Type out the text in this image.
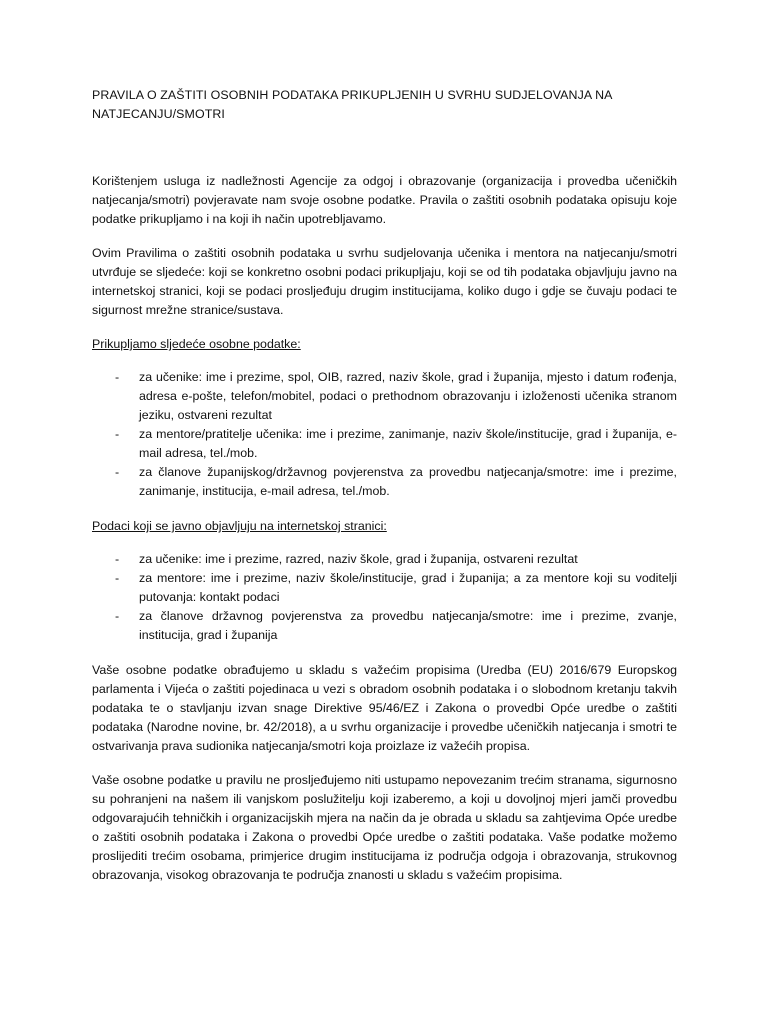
PRAVILA O ZAŠTITI OSOBNIH PODATAKA PRIKUPLJENIH U SVRHU SUDJELOVANJA NA NATJECANJU/SMOTRI

Korištenjem usluga iz nadležnosti Agencije za odgoj i obrazovanje (organizacija i provedba učeničkih natjecanja/smotri) povjeravate nam svoje osobne podatke. Pravila o zaštiti osobnih podataka opisuju koje podatke prikupljamo i na koji ih način upotrebljavamo.

Ovim Pravilima o zaštiti osobnih podataka u svrhu sudjelovanja učenika i mentora na natjecanju/smotri utvrđuje se sljedeće: koji se konkretno osobni podaci prikupljaju, koji se od tih podataka objavljuju javno na internetskoj stranici, koji se podaci prosljeđuju drugim institucijama, koliko dugo i gdje se čuvaju podaci te sigurnost mrežne stranice/sustava.

Prikupljamo sljedeće osobne podatke:
- za učenike: ime i prezime, spol, OIB, razred, naziv škole, grad i županija, mjesto i datum rođenja, adresa e-pošte, telefon/mobitel, podaci o prethodnom obrazovanju i izloženosti učenika stranom jeziku, ostvareni rezultat
- za mentore/pratitelje učenika: ime i prezime, zanimanje, naziv škole/institucije, grad i županija, e-mail adresa, tel./mob.
- za članove županijskog/državnog povjerenstva za provedbu natjecanja/smotre: ime i prezime, zanimanje, institucija, e-mail adresa, tel./mob.
Podaci koji se javno objavljuju na internetskoj stranici:
- za učenike: ime i prezime, razred, naziv škole, grad i županija, ostvareni rezultat
- za mentore: ime i prezime, naziv škole/institucije, grad i županija; a za mentore koji su voditelji putovanja: kontakt podaci
- za članove državnog povjerenstva za provedbu natjecanja/smotre: ime i prezime, zvanje, institucija, grad i županija

Vaše osobne podatke obrađujemo u skladu s važećim propisima (Uredba (EU) 2016/679 Europskog parlamenta i Vijeća o zaštiti pojedinaca u vezi s obradom osobnih podataka i o slobodnom kretanju takvih podataka te o stavljanju izvan snage Direktive 95/46/EZ i Zakona o provedbi Opće uredbe o zaštiti podataka (Narodne novine, br. 42/2018), a u svrhu organizacije i provedbe učeničkih natjecanja i smotri te ostvarivanja prava sudionika natjecanja/smotri koja proizlaze iz važećih propisa.

Vaše osobne podatke u pravilu ne prosljeđujemo niti ustupamo nepovezanim trećim stranama, sigurnosno su pohranjeni na našem ili vanjskom poslužitelju koji izaberemo, a koji u dovoljnoj mjeri jamči provedbu odgovarajućih tehničkih i organizacijskih mjera na način da je obrada u skladu sa zahtjevima Opće uredbe o zaštiti osobnih podataka i Zakona o provedbi Opće uredbe o zaštiti podataka. Vaše podatke možemo proslijediti trećim osobama, primjerice drugim institucijama iz područja odgoja i obrazovanja, strukovnog obrazovanja, visokog obrazovanja te područja znanosti u skladu s važećim propisima.
